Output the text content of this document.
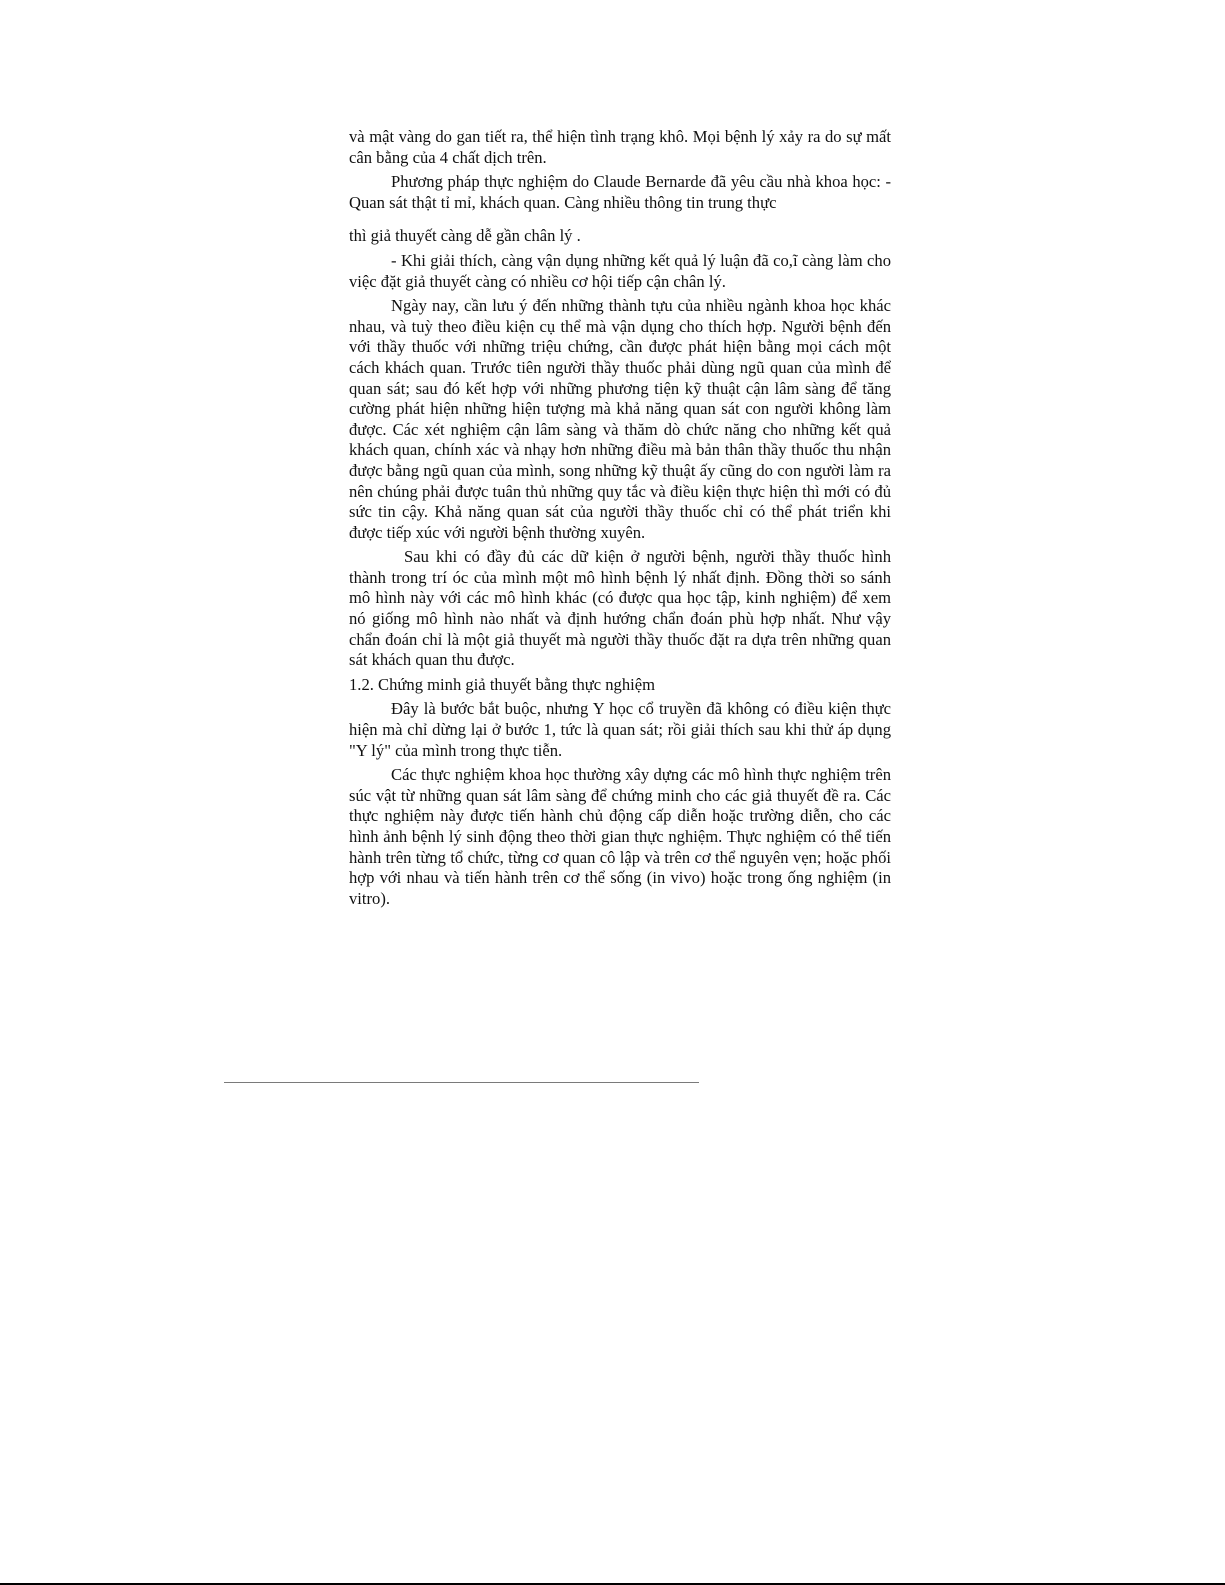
và mật vàng do gan tiết ra, thể hiện tình trạng khô. Mọi bệnh lý xảy ra do sự mất cân bằng của 4 chất dịch trên.

Phương pháp thực nghiệm do Claude Bernarde đã yêu cầu nhà khoa học: - Quan sát thật tỉ mỉ, khách quan. Càng nhiều thông tin trung thực

thì giả thuyết càng dễ gần chân lý .

- Khi giải thích, càng vận dụng những kết quả lý luận đã co,ĩ càng làm cho việc đặt giả thuyết càng có nhiều cơ hội tiếp cận chân lý.

Ngày nay, cần lưu ý đến những thành tựu của nhiều ngành khoa học khác nhau, và tuỳ theo điều kiện cụ thể mà vận dụng cho thích hợp. Người bệnh đến với thầy thuốc với những triệu chứng, cần được phát hiện bằng mọi cách một cách khách quan. Trước tiên người thầy thuốc phải dùng ngũ quan của mình để quan sát; sau đó kết hợp với những phương tiện kỹ thuật cận lâm sàng để tăng cường phát hiện những hiện tượng mà khả năng quan sát con người không làm được. Các xét nghiệm cận lâm sàng và thăm dò chức năng cho những kết quả khách quan, chính xác và nhạy hơn những điều mà bản thân thầy thuốc thu nhận được bằng ngũ quan của mình, song những kỹ thuật ấy cũng do con người làm ra nên chúng phải được tuân thủ những quy tắc và điều kiện thực hiện thì mới có đủ sức tin cậy. Khả năng quan sát của người thầy thuốc chỉ có thể phát triển khi được tiếp xúc với người bệnh thường xuyên.

Sau khi có đầy đủ các dữ kiện ở người bệnh, người thầy thuốc hình thành trong trí óc của mình một mô hình bệnh lý nhất định. Đồng thời so sánh mô hình này với các mô hình khác (có được qua học tập, kinh nghiệm) để xem nó giống mô hình nào nhất và định hướng chẩn đoán phù hợp nhất. Như vậy chẩn đoán chỉ là một giả thuyết mà người thầy thuốc đặt ra dựa trên những quan sát khách quan thu được.

1.2. Chứng minh giả thuyết bằng thực nghiệm

Đây là bước bắt buộc, nhưng Y học cổ truyền đã không có điều kiện thực hiện mà chỉ dừng lại ở bước 1, tức là quan sát; rồi giải thích sau khi thử áp dụng "Y lý" của mình trong thực tiễn.

Các thực nghiệm khoa học thường xây dựng các mô hình thực nghiệm trên súc vật từ những quan sát lâm sàng để chứng minh cho các giả thuyết đề ra. Các thực nghiệm này được tiến hành chủ động cấp diễn hoặc trường diễn, cho các hình ảnh bệnh lý sinh động theo thời gian thực nghiệm. Thực nghiệm có thể tiến hành trên từng tổ chức, từng cơ quan cô lập và trên cơ thể nguyên vẹn; hoặc phối hợp với nhau và tiến hành trên cơ thể sống (in vivo) hoặc trong ống nghiệm (in vitro).
